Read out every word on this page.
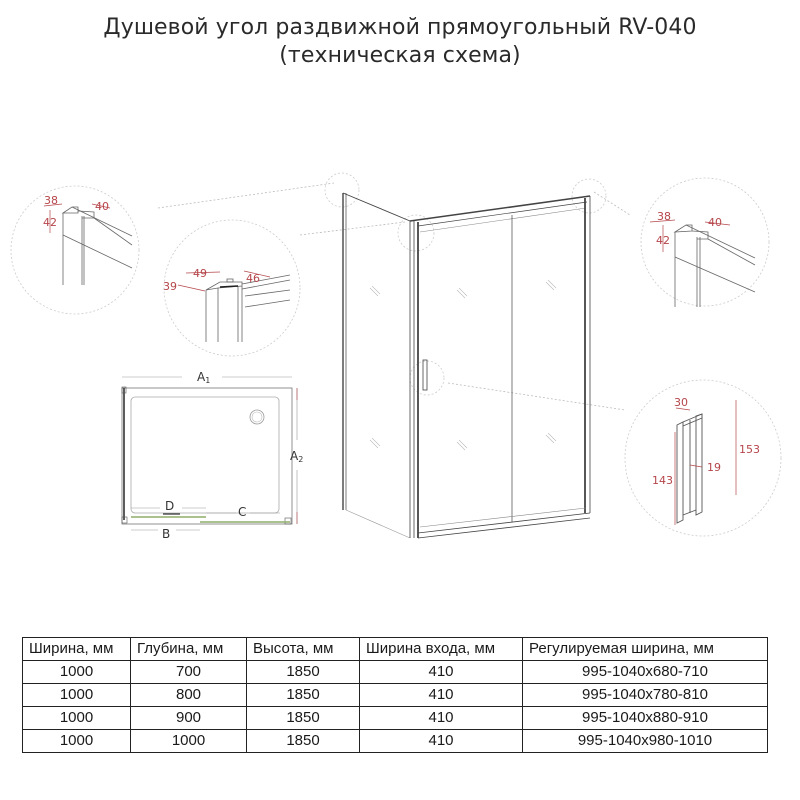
Душевой угол раздвижной прямоугольный RV-040
(техническая схема)
38	40
42
49	46
39
38	40
42
30
143
153
19
A1
A2
D	C
B
Ширина, мм	Глубина, мм	Высота, мм	Ширина входа, мм	Регулируемая ширина, мм
1000	700	1850	410	995-1040x680-710
1000	800	1850	410	995-1040x780-810
1000	900	1850	410	995-1040x880-910
1000	1000	1850	410	995-1040x980-1010
